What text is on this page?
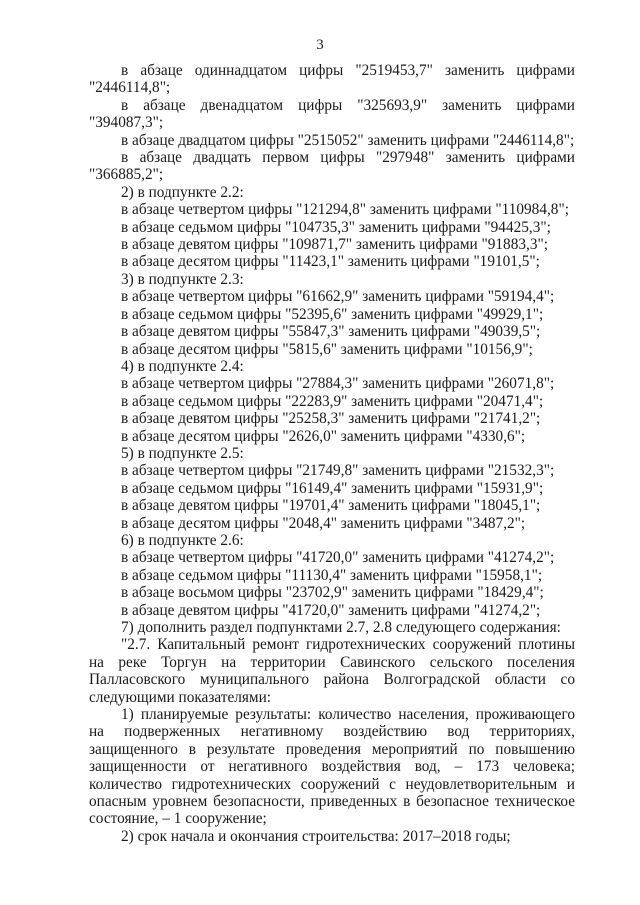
3

в абзаце одиннадцатом цифры "2519453,7" заменить цифрами "2446114,8";

в абзаце двенадцатом цифры "325693,9" заменить цифрами "394087,3";

в абзаце двадцатом цифры "2515052" заменить цифрами "2446114,8";

в абзаце двадцать первом цифры "297948" заменить цифрами "366885,2";

2) в подпункте 2.2:

в абзаце четвертом цифры "121294,8" заменить цифрами "110984,8";

в абзаце седьмом цифры "104735,3" заменить цифрами "94425,3";

в абзаце девятом цифры "109871,7" заменить цифрами "91883,3";

в абзаце десятом цифры "11423,1" заменить цифрами "19101,5";

3) в подпункте 2.3:

в абзаце четвертом цифры "61662,9" заменить цифрами "59194,4";

в абзаце седьмом цифры "52395,6" заменить цифрами "49929,1";

в абзаце девятом цифры "55847,3" заменить цифрами "49039,5";

в абзаце десятом цифры "5815,6" заменить цифрами "10156,9";

4) в подпункте 2.4:

в абзаце четвертом цифры "27884,3" заменить цифрами "26071,8";

в абзаце седьмом цифры "22283,9" заменить цифрами "20471,4";

в абзаце девятом цифры "25258,3" заменить цифрами "21741,2";

в абзаце десятом цифры "2626,0" заменить цифрами "4330,6";

5) в подпункте 2.5:

в абзаце четвертом цифры "21749,8" заменить цифрами "21532,3";

в абзаце седьмом цифры "16149,4" заменить цифрами "15931,9";

в абзаце девятом цифры "19701,4" заменить цифрами "18045,1";

в абзаце десятом цифры "2048,4" заменить цифрами "3487,2";

6) в подпункте 2.6:

в абзаце четвертом цифры "41720,0" заменить цифрами "41274,2";

в абзаце седьмом цифры "11130,4" заменить цифрами "15958,1";

в абзаце восьмом цифры "23702,9" заменить цифрами "18429,4";

в абзаце девятом цифры "41720,0" заменить цифрами "41274,2";

7) дополнить раздел подпунктами 2.7, 2.8 следующего содержания:

"2.7. Капитальный ремонт гидротехнических сооружений плотины на реке Торгун на территории Савинского сельского поселения Палласовского муниципального района Волгоградской области со следующими показателями:

1) планируемые результаты: количество населения, проживающего на подверженных негативному воздействию вод территориях, защищенного в результате проведения мероприятий по повышению защищенности от негативного воздействия вод, – 173 человека; количество гидротехнических сооружений с неудовлетворительным и опасным уровнем безопасности, приведенных в безопасное техническое состояние, – 1 сооружение;

2) срок начала и окончания строительства: 2017–2018 годы;
